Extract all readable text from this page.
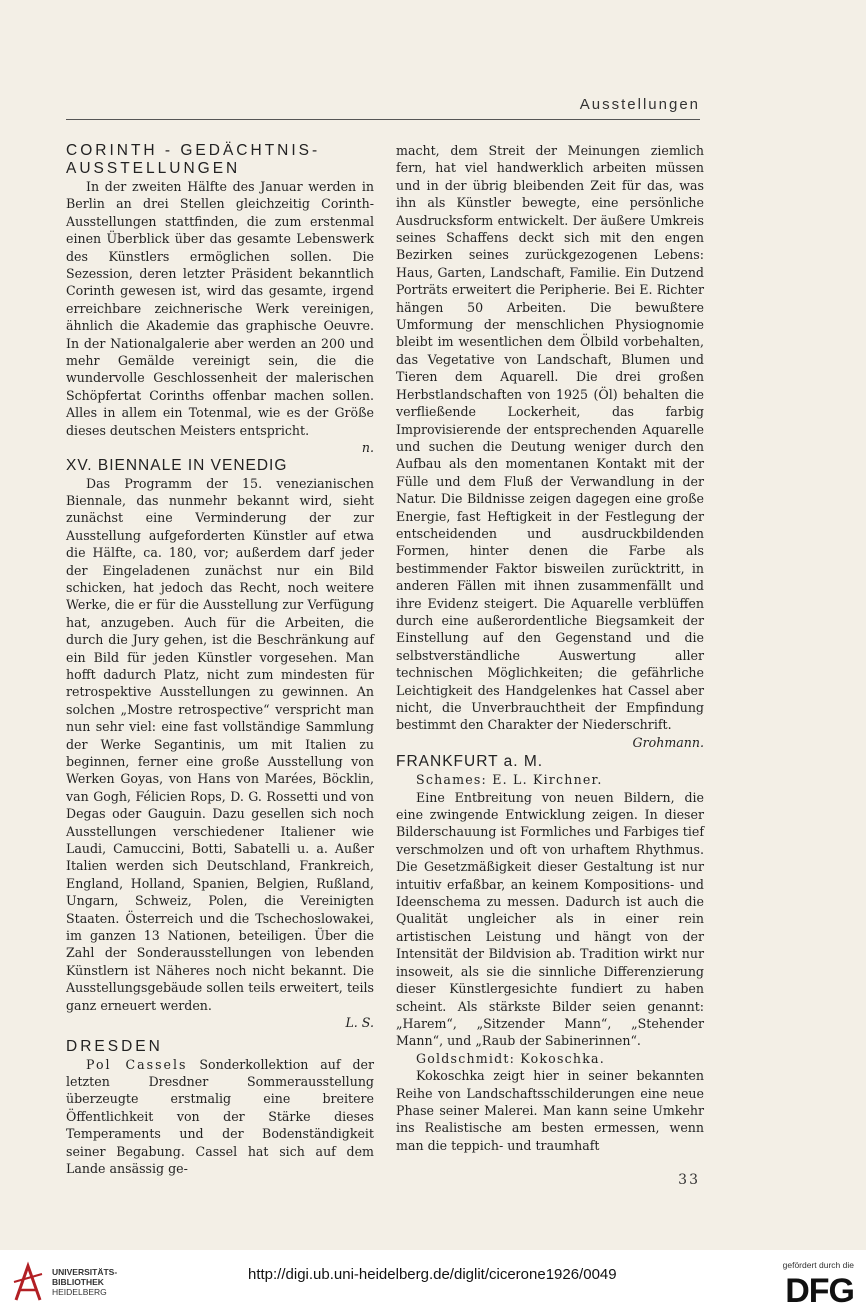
Ausstellungen
CORINTH - GEDÄCHTNIS-
AUSSTELLUNGEN

In der zweiten Hälfte des Januar werden in Berlin an drei Stellen gleichzeitig Corinth-Ausstellungen stattfinden, die zum erstenmal einen Überblick über das gesamte Lebenswerk des Künstlers ermöglichen sollen. Die Sezession, deren letzter Präsident bekanntlich Corinth gewesen ist, wird das gesamte, irgend erreichbare zeichnerische Werk vereinigen, ähnlich die Akademie das graphische Oeuvre. In der Nationalgalerie aber werden an 200 und mehr Gemälde vereinigt sein, die die wundervolle Geschlossenheit der malerischen Schöpfertat Corinths offenbar machen sollen. Alles in allem ein Totenmal, wie es der Größe dieses deutschen Meisters entspricht.

n.

XV. BIENNALE IN VENEDIG

Das Programm der 15. venezianischen Biennale, das nunmehr bekannt wird, sieht zunächst eine Verminderung der zur Ausstellung aufgeforderten Künstler auf etwa die Hälfte, ca. 180, vor; außerdem darf jeder der Eingeladenen zunächst nur ein Bild schicken, hat jedoch das Recht, noch weitere Werke, die er für die Ausstellung zur Verfügung hat, anzugeben. Auch für die Arbeiten, die durch die Jury gehen, ist die Beschränkung auf ein Bild für jeden Künstler vorgesehen. Man hofft dadurch Platz, nicht zum mindesten für retrospektive Ausstellungen zu gewinnen. An solchen „Mostre retrospective“ verspricht man nun sehr viel: eine fast vollständige Sammlung der Werke Segantinis, um mit Italien zu beginnen, ferner eine große Ausstellung von Werken Goyas, von Hans von Marées, Böcklin, van Gogh, Félicien Rops, D. G. Rossetti und von Degas oder Gauguin. Dazu gesellen sich noch Ausstellungen verschiedener Italiener wie Laudi, Camuccini, Botti, Sabatelli u. a. Außer Italien werden sich Deutschland, Frankreich, England, Holland, Spanien, Belgien, Rußland, Ungarn, Schweiz, Polen, die Vereinigten Staaten. Österreich und die Tschechoslowakei, im ganzen 13 Nationen, beteiligen. Über die Zahl der Sonderausstellungen von lebenden Künstlern ist Näheres noch nicht bekannt. Die Ausstellungsgebäude sollen teils erweitert, teils ganz erneuert werden.

L. S.

DRESDEN

Pol Cassels Sonderkollektion auf der letzten Dresdner Sommerausstellung überzeugte erstmalig eine breitere Öffentlichkeit von der Stärke dieses Temperaments und der Bodenständigkeit seiner Begabung. Cassel hat sich auf dem Lande ansässig ge-

macht, dem Streit der Meinungen ziemlich fern, hat viel handwerklich arbeiten müssen und in der übrig bleibenden Zeit für das, was ihn als Künstler bewegte, eine persönliche Ausdrucksform entwickelt. Der äußere Umkreis seines Schaffens deckt sich mit den engen Bezirken seines zurückgezogenen Lebens: Haus, Garten, Landschaft, Familie. Ein Dutzend Porträts erweitert die Peripherie. Bei E. Richter hängen 50 Arbeiten. Die bewußtere Umformung der menschlichen Physiognomie bleibt im wesentlichen dem Ölbild vorbehalten, das Vegetative von Landschaft, Blumen und Tieren dem Aquarell. Die drei großen Herbstlandschaften von 1925 (Öl) behalten die verfließende Lockerheit, das farbig Improvisierende der entsprechenden Aquarelle und suchen die Deutung weniger durch den Aufbau als den momentanen Kontakt mit der Fülle und dem Fluß der Verwandlung in der Natur. Die Bildnisse zeigen dagegen eine große Energie, fast Heftigkeit in der Festlegung der entscheidenden und ausdruckbildenden Formen, hinter denen die Farbe als bestimmender Faktor bisweilen zurücktritt, in anderen Fällen mit ihnen zusammenfällt und ihre Evidenz steigert. Die Aquarelle verblüffen durch eine außerordentliche Biegsamkeit der Einstellung auf den Gegenstand und die selbstverständliche Auswertung aller technischen Möglichkeiten; die gefährliche Leichtigkeit des Handgelenkes hat Cassel aber nicht, die Unverbrauchtheit der Empfindung bestimmt den Charakter der Niederschrift.

Grohmann.

FRANKFURT a. M.

Schames: E. L. Kirchner.

Eine Entbreitung von neuen Bildern, die eine zwingende Entwicklung zeigen. In dieser Bilderschauung ist Formliches und Farbiges tief verschmolzen und oft von urhaftem Rhythmus. Die Gesetzmäßigkeit dieser Gestaltung ist nur intuitiv erfaßbar, an keinem Kompositions- und Ideenschema zu messen. Dadurch ist auch die Qualität ungleicher als in einer rein artistischen Leistung und hängt von der Intensität der Bildvision ab. Tradition wirkt nur insoweit, als sie die sinnliche Differenzierung dieser Künstlergesichte fundiert zu haben scheint. Als stärkste Bilder seien genannt: „Harem“, „Sitzender Mann“, „Stehender Mann“, und „Raub der Sabinerinnen“.

Goldschmidt: Kokoschka.

Kokoschka zeigt hier in seiner bekannten Reihe von Landschaftsschilderungen eine neue Phase seiner Malerei. Man kann seine Umkehr ins Realistische am besten ermessen, wenn man die teppich- und traumhaft

33
UNIVERSITÄTS-
BIBLIOTHEK
HEIDELBERG
http://digi.ub.uni-heidelberg.de/diglit/cicerone1926/0049
gefördert durch die
DFG
